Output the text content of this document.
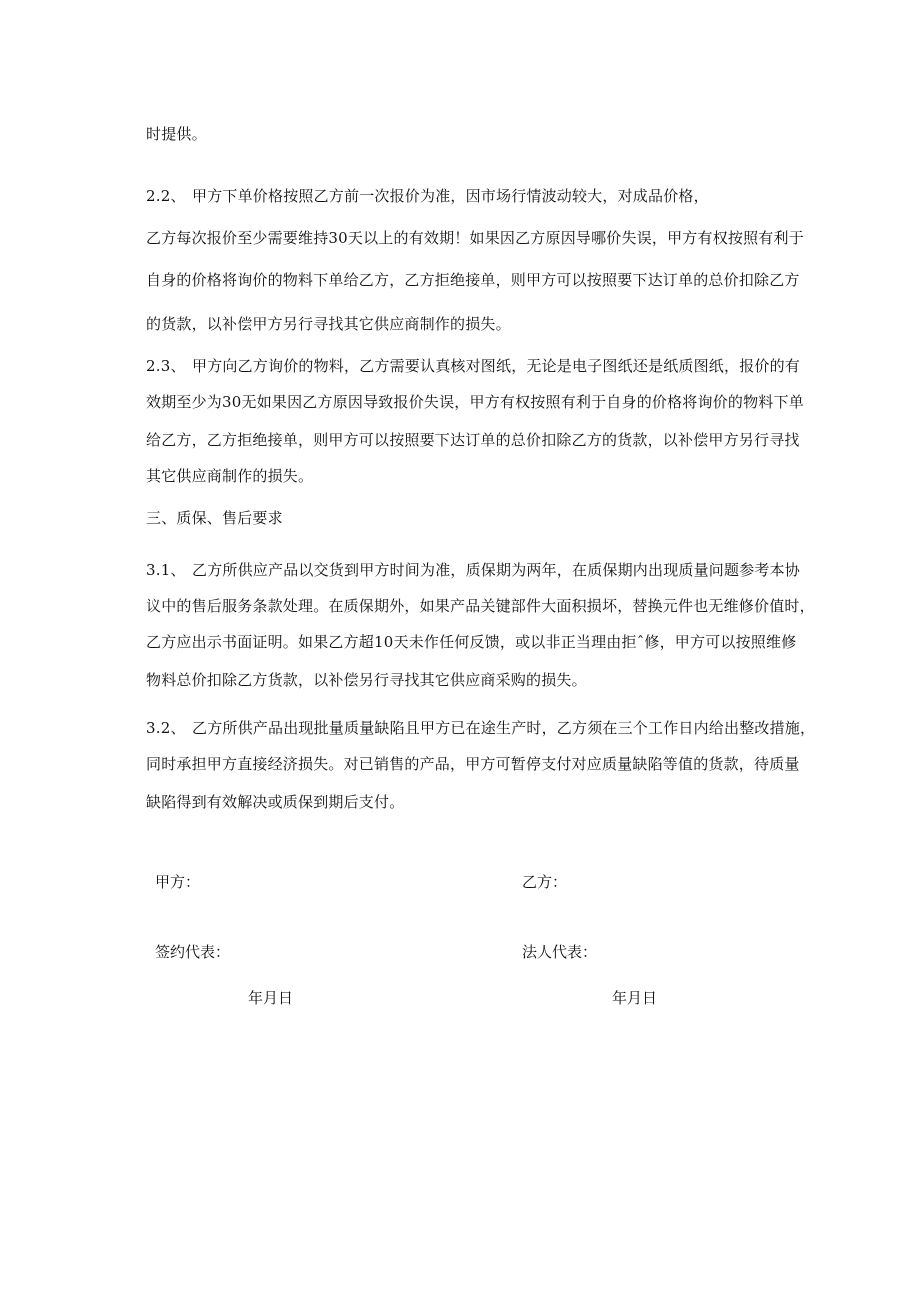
时提供。
2.2、 甲方下单价格按照乙方前一次报价为准，因市场行情波动较大，对成品价格，
乙方每次报价至少需要维持30天以上的有效期！如果因乙方原因导哪价失误，甲方有权按照有利于
自身的价格将询价的物料下单给乙方，乙方拒绝接单，则甲方可以按照要下达订单的总价扣除乙方
的货款，以补偿甲方另行寻找其它供应商制作的损失。
2.3、 甲方向乙方询价的物料，乙方需要认真核对图纸，无论是电子图纸还是纸质图纸，报价的有
效期至少为30无如果因乙方原因导致报价失误，甲方有权按照有利于自身的价格将询价的物料下单
给乙方，乙方拒绝接单，则甲方可以按照要下达订单的总价扣除乙方的货款，以补偿甲方另行寻找
其它供应商制作的损失。
三、质保、售后要求
3.1、 乙方所供应产品以交货到甲方时间为准，质保期为两年，在质保期内出现质量问题参考本协
议中的售后服务条款处理。在质保期外，如果产品关键部件大面积损坏，替换元件也无维修价值时，
乙方应出示书面证明。如果乙方超10天未作任何反馈，或以非正当理由拒ˆ修，甲方可以按照维修
物料总价扣除乙方货款，以补偿另行寻找其它供应商采购的损失。
3.2、 乙方所供产品出现批量质量缺陷且甲方已在途生产时，乙方须在三个工作日内给出整改措施，
同时承担甲方直接经济损失。对已销售的产品，甲方可暂停支付对应质量缺陷等值的货款，待质量
缺陷得到有效解决或质保到期后支付。
甲方：	乙方：
签约代表：	法人代表：
年月日	年月日
